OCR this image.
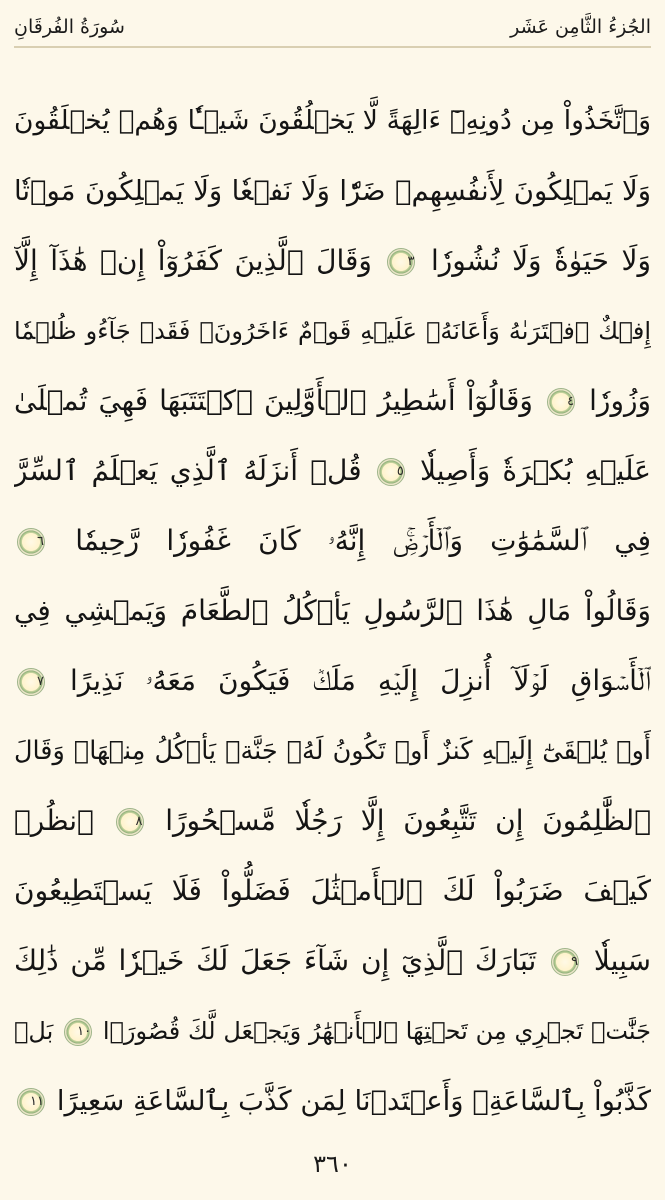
سُورَةُ الفُرقَانِ	الجُزءُ الثَّامِن عَشَر
وَٱتَّخَذُواْ مِن دُونِهِۦٓ ءَالِهَةً لَّا يَخۡلُقُونَ شَيۡـٔٗا وَهُمۡ يُخۡلَقُونَ
وَلَا يَمۡلِكُونَ لِأَنفُسِهِمۡ ضَرّٗا وَلَا نَفۡعٗا وَلَا يَمۡلِكُونَ مَوۡتٗا
وَلَا حَيَوٰةٗ وَلَا نُشُورٗا ٣ وَقَالَ ٱلَّذِينَ كَفَرُوٓاْ إِنۡ هَٰذَآ إِلَّآ
إِفۡكٌ ٱفۡتَرَىٰهُ وَأَعَانَهُۥ عَلَيۡهِ قَوۡمٌ ءَاخَرُونَۖ فَقَدۡ جَآءُو ظُلۡمٗا
وَزُورٗا ٤ وَقَالُوٓاْ أَسَٰطِيرُ ٱلۡأَوَّلِينَ ٱكۡتَتَبَهَا فَهِيَ تُمۡلَىٰ
عَلَيۡهِ بُكۡرَةٗ وَأَصِيلٗا ٥ قُلۡ أَنزَلَهُ ٱلَّذِي يَعۡلَمُ ٱلسِّرَّ
فِي ٱلسَّمَٰوَٰتِ وَٱلۡأَرۡضِۚ إِنَّهُۥ كَانَ غَفُورٗا رَّحِيمٗا ٦
وَقَالُواْ مَالِ هَٰذَا ٱلرَّسُولِ يَأۡكُلُ ٱلطَّعَامَ وَيَمۡشِي فِي
ٱلۡأَسۡوَاقِ لَوۡلَآ أُنزِلَ إِلَيۡهِ مَلَكٞ فَيَكُونَ مَعَهُۥ نَذِيرًا ٧
أَوۡ يُلۡقَىٰٓ إِلَيۡهِ كَنزٌ أَوۡ تَكُونُ لَهُۥ جَنَّةٞ يَأۡكُلُ مِنۡهَاۚ وَقَالَ
ٱلظَّٰلِمُونَ إِن تَتَّبِعُونَ إِلَّا رَجُلٗا مَّسۡحُورًا ٨ ٱنظُرۡ
كَيۡفَ ضَرَبُواْ لَكَ ٱلۡأَمۡثَٰلَ فَضَلُّواْ فَلَا يَسۡتَطِيعُونَ
سَبِيلٗا ٩ تَبَارَكَ ٱلَّذِيٓ إِن شَآءَ جَعَلَ لَكَ خَيۡرٗا مِّن ذَٰلِكَ
جَنَّٰتٖ تَجۡرِي مِن تَحۡتِهَا ٱلۡأَنۡهَٰرُ وَيَجۡعَل لَّكَ قُصُورَۢا ١٠ بَلۡ
كَذَّبُواْ بِٱلسَّاعَةِۖ وَأَعۡتَدۡنَا لِمَن كَذَّبَ بِٱلسَّاعَةِ سَعِيرًا ١١
٣٦٠
